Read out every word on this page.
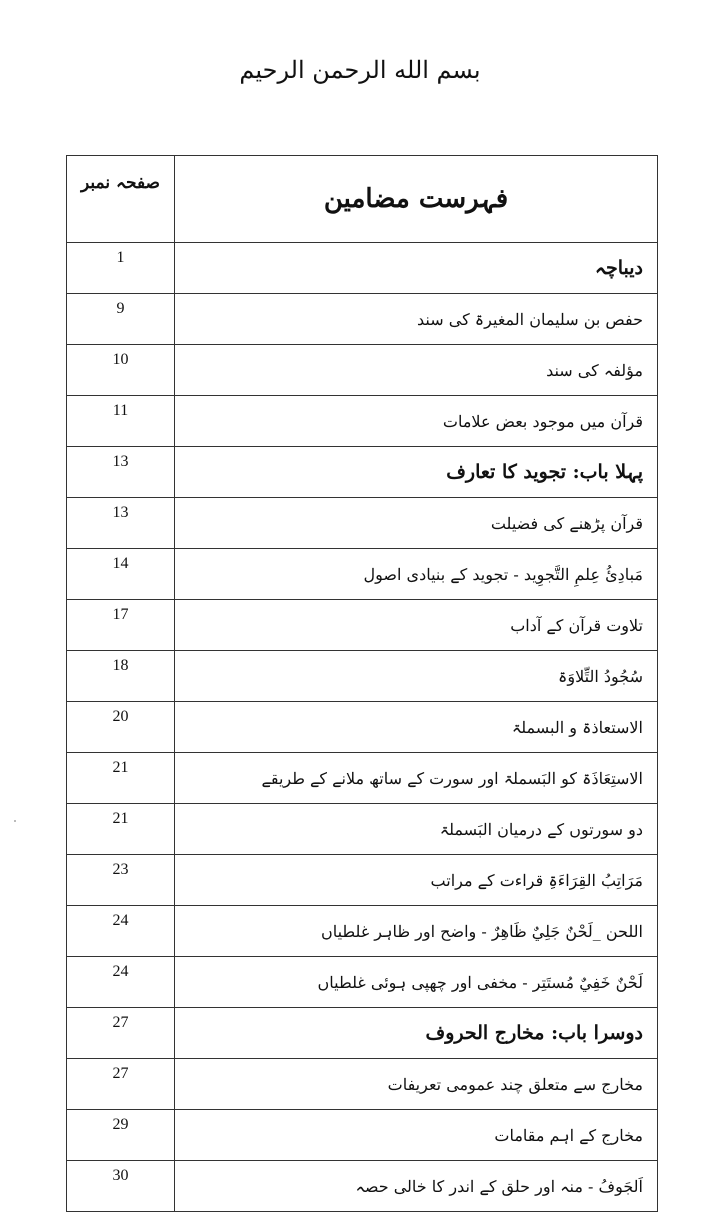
بسم الله الرحمن الرحيم
فہرست مضامین	صفحہ نمبر
دیباچہ	1
حفص بن سلیمان المغیرۃ کی سند	9
مؤلفہ کی سند	10
قرآن میں موجود بعض علامات	11
پہلا باب: تجوید کا تعارف	13
قرآن پڑھنے کی فضیلت	13
مَبادِئُ عِلمِ التَّجوِید - تجوید کے بنیادی اصول	14
تلاوت قرآن کے آداب	17
سُجُودُ التِّلاوَۃ	18
الاستعاذۃ و البسملۃ	20
الاستِعَاذَۃ کو البَسملۃ اور سورت کے ساتھ ملانے کے طریقے	21
دو سورتوں کے درمیان البَسملۃ	21
مَرَاتِبُ القِرَاءَۃِ قراءت کے مراتب	23
اللحن _لَحْنٌ جَلِيٌ ظَاهِرٌ - واضح اور ظاہر غلطیاں	24
لَحْنٌ خَفِيٌ مُستَتِر - مخفی اور چھپی ہوئی غلطیاں	24
دوسرا باب: مخارج الحروف	27
مخارج سے متعلق چند عمومی تعریفات	27
مخارج کے اہم مقامات	29
اَلجَوفُ - منہ اور حلق کے اندر کا خالی حصہ	30
